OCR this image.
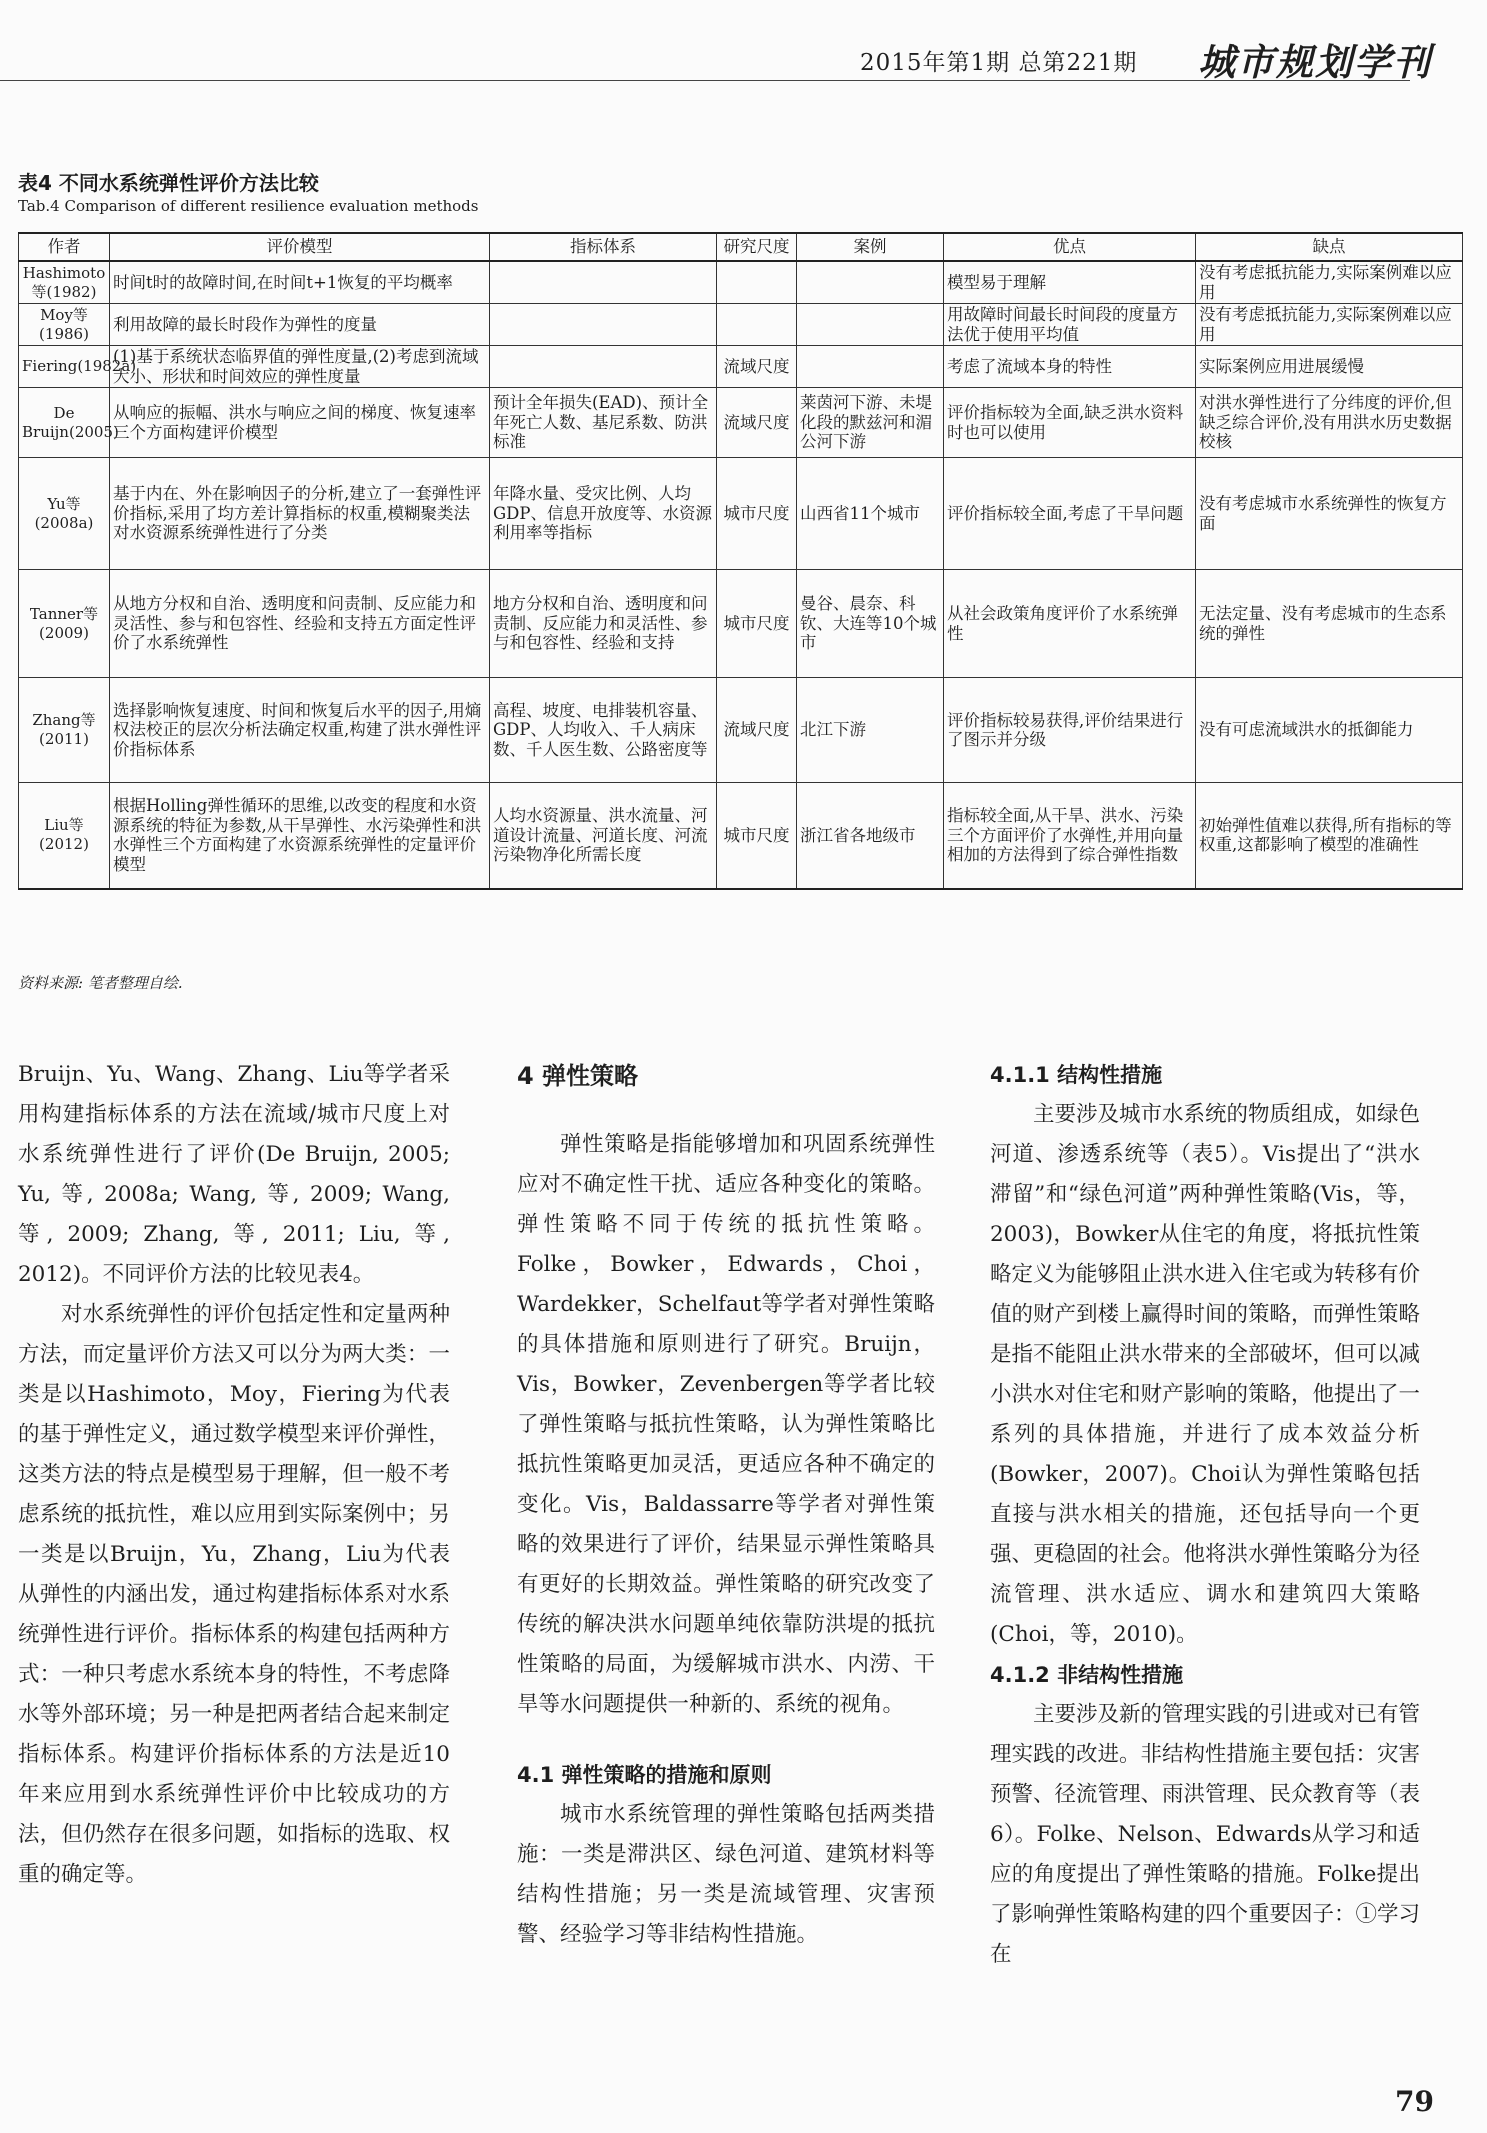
2015年第1期 总第221期 城市规划学刊
表4 不同水系统弹性评价方法比较
Tab.4 Comparison of different resilience evaluation methods
作者	评价模型	指标体系	研究尺度	案例	优点	缺点
Hashimoto等(1982)	时间t时的故障时间,在时间t+1恢复的平均概率				模型易于理解	没有考虑抵抗能力,实际案例难以应用
Moy等(1986)	利用故障的最长时段作为弹性的度量				用故障时间最长时间段的度量方法优于使用平均值	没有考虑抵抗能力,实际案例难以应用
Fiering(1982a)	(1)基于系统状态临界值的弹性度量,(2)考虑到流域大小、形状和时间效应的弹性度量		流域尺度		考虑了流域本身的特性	实际案例应用进展缓慢
De Bruijn(2005)	从响应的振幅、洪水与响应之间的梯度、恢复速率三个方面构建评价模型	预计全年损失(EAD)、预计全年死亡人数、基尼系数、防洪标准	流域尺度	莱茵河下游、未堤化段的默兹河和湄公河下游	评价指标较为全面,缺乏洪水资料时也可以使用	对洪水弹性进行了分纬度的评价,但缺乏综合评价,没有用洪水历史数据校核
Yu等(2008a)	基于内在、外在影响因子的分析,建立了一套弹性评价指标,采用了均方差计算指标的权重,模糊聚类法对水资源系统弹性进行了分类	年降水量、受灾比例、人均GDP、信息开放度等、水资源利用率等指标	城市尺度	山西省11个城市	评价指标较全面,考虑了干旱问题	没有考虑城市水系统弹性的恢复方面
Tanner等(2009)	从地方分权和自治、透明度和问责制、反应能力和灵活性、参与和包容性、经验和支持五方面定性评价了水系统弹性	地方分权和自治、透明度和问责制、反应能力和灵活性、参与和包容性、经验和支持	城市尺度	曼谷、晨奈、科钦、大连等10个城市	从社会政策角度评价了水系统弹性	无法定量、没有考虑城市的生态系统的弹性
Zhang等(2011)	选择影响恢复速度、时间和恢复后水平的因子,用熵权法校正的层次分析法确定权重,构建了洪水弹性评价指标体系	高程、坡度、电排装机容量、GDP、人均收入、千人病床数、千人医生数、公路密度等	流域尺度	北江下游	评价指标较易获得,评价结果进行了图示并分级	没有可虑流域洪水的抵御能力
Liu等(2012)	根据Holling弹性循环的思维,以改变的程度和水资源系统的特征为参数,从干旱弹性、水污染弹性和洪水弹性三个方面构建了水资源系统弹性的定量评价模型	人均水资源量、洪水流量、河道设计流量、河道长度、河流污染物净化所需长度	城市尺度	浙江省各地级市	指标较全面,从干旱、洪水、污染三个方面评价了水弹性,并用向量相加的方法得到了综合弹性指数	初始弹性值难以获得,所有指标的等权重,这都影响了模型的准确性
资料来源: 笔者整理自绘.

Bruijn、Yu、Wang、Zhang、Liu等学者采用构建指标体系的方法在流域/城市尺度上对水系统弹性进行了评价(De Bruijn, 2005; Yu, 等, 2008a; Wang, 等, 2009; Wang, 等, 2009; Zhang, 等, 2011; Liu, 等, 2012)。不同评价方法的比较见表4。

对水系统弹性的评价包括定性和定量两种方法，而定量评价方法又可以分为两大类：一类是以Hashimoto，Moy，Fiering为代表的基于弹性定义，通过数学模型来评价弹性，这类方法的特点是模型易于理解，但一般不考虑系统的抵抗性，难以应用到实际案例中；另一类是以Bruijn，Yu，Zhang，Liu为代表从弹性的内涵出发，通过构建指标体系对水系统弹性进行评价。指标体系的构建包括两种方式：一种只考虑水系统本身的特性，不考虑降水等外部环境；另一种是把两者结合起来制定指标体系。构建评价指标体系的方法是近10年来应用到水系统弹性评价中比较成功的方法，但仍然存在很多问题，如指标的选取、权重的确定等。

4 弹性策略

弹性策略是指能够增加和巩固系统弹性应对不确定性干扰、适应各种变化的策略。弹性策略不同于传统的抵抗性策略。Folke，Bowker，Edwards，Choi，Wardekker，Schelfaut等学者对弹性策略的具体措施和原则进行了研究。Bruijn，Vis，Bowker，Zevenbergen等学者比较了弹性策略与抵抗性策略，认为弹性策略比抵抗性策略更加灵活，更适应各种不确定的变化。Vis，Baldassarre等学者对弹性策略的效果进行了评价，结果显示弹性策略具有更好的长期效益。弹性策略的研究改变了传统的解决洪水问题单纯依靠防洪堤的抵抗性策略的局面，为缓解城市洪水、内涝、干旱等水问题提供一种新的、系统的视角。

4.1 弹性策略的措施和原则

城市水系统管理的弹性策略包括两类措施：一类是滞洪区、绿色河道、建筑材料等结构性措施；另一类是流域管理、灾害预警、经验学习等非结构性措施。

4.1.1 结构性措施

主要涉及城市水系统的物质组成，如绿色河道、渗透系统等（表5）。Vis提出了“洪水滞留”和“绿色河道”两种弹性策略(Vis，等，2003)，Bowker从住宅的角度，将抵抗性策略定义为能够阻止洪水进入住宅或为转移有价值的财产到楼上赢得时间的策略，而弹性策略是指不能阻止洪水带来的全部破坏，但可以减小洪水对住宅和财产影响的策略，他提出了一系列的具体措施，并进行了成本效益分析(Bowker，2007)。Choi认为弹性策略包括直接与洪水相关的措施，还包括导向一个更强、更稳固的社会。他将洪水弹性策略分为径流管理、洪水适应、调水和建筑四大策略(Choi，等，2010)。

4.1.2 非结构性措施

主要涉及新的管理实践的引进或对已有管理实践的改进。非结构性措施主要包括：灾害预警、径流管理、雨洪管理、民众教育等（表6）。Folke、Nelson、Edwards从学习和适应的角度提出了弹性策略的措施。Folke提出了影响弹性策略构建的四个重要因子：①学习在

79
